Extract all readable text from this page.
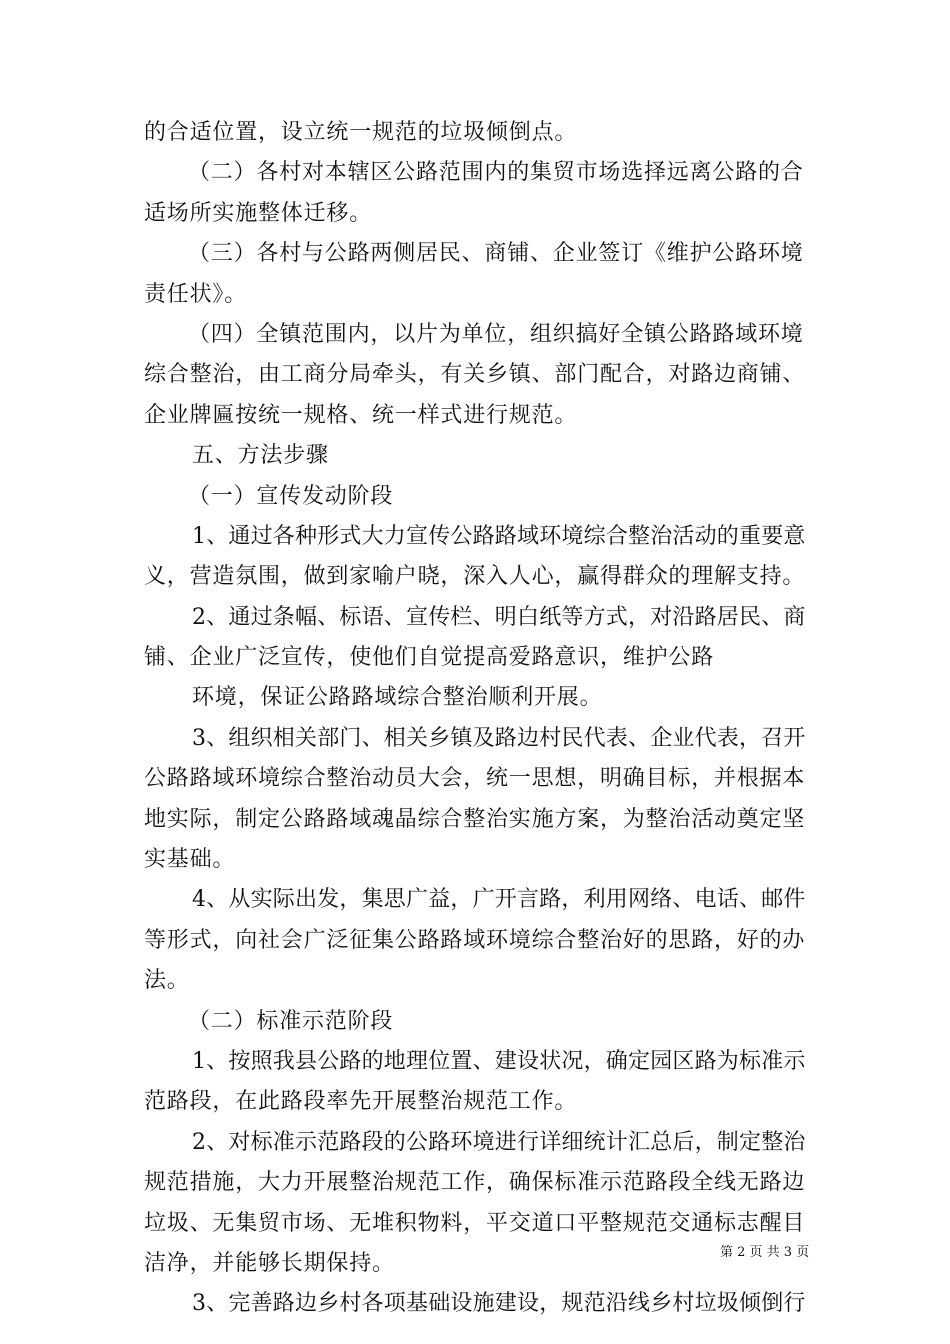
的合适位置，设立统一规范的垃圾倾倒点。
（二）各村对本辖区公路范围内的集贸市场选择远离公路的合
适场所实施整体迁移。
（三）各村与公路两侧居民、商铺、企业签订《维护公路环境
责任状》。
（四）全镇范围内，以片为单位，组织搞好全镇公路路域环境
综合整治，由工商分局牵头，有关乡镇、部门配合，对路边商铺、
企业牌匾按统一规格、统一样式进行规范。
五、方法步骤
（一）宣传发动阶段
1、通过各种形式大力宣传公路路域环境综合整治活动的重要意
义，营造氛围，做到家喻户晓，深入人心，赢得群众的理解支持。
2、通过条幅、标语、宣传栏、明白纸等方式，对沿路居民、商
铺、企业广泛宣传，使他们自觉提高爱路意识，维护公路
环境，保证公路路域综合整治顺利开展。
3、组织相关部门、相关乡镇及路边村民代表、企业代表，召开
公路路域环境综合整治动员大会，统一思想，明确目标，并根据本
地实际，制定公路路域魂晶综合整治实施方案，为整治活动奠定坚
实基础。
4、从实际出发，集思广益，广开言路，利用网络、电话、邮件
等形式，向社会广泛征集公路路域环境综合整治好的思路，好的办
法。
（二）标准示范阶段
1、按照我县公路的地理位置、建设状况，确定园区路为标准示
范路段，在此路段率先开展整治规范工作。
2、对标准示范路段的公路环境进行详细统计汇总后，制定整治
规范措施，大力开展整治规范工作，确保标准示范路段全线无路边
垃圾、无集贸市场、无堆积物料，平交道口平整规范交通标志醒目
洁净，并能够长期保持。
3、完善路边乡村各项基础设施建设，规范沿线乡村垃圾倾倒行
第 2 页 共 3 页
